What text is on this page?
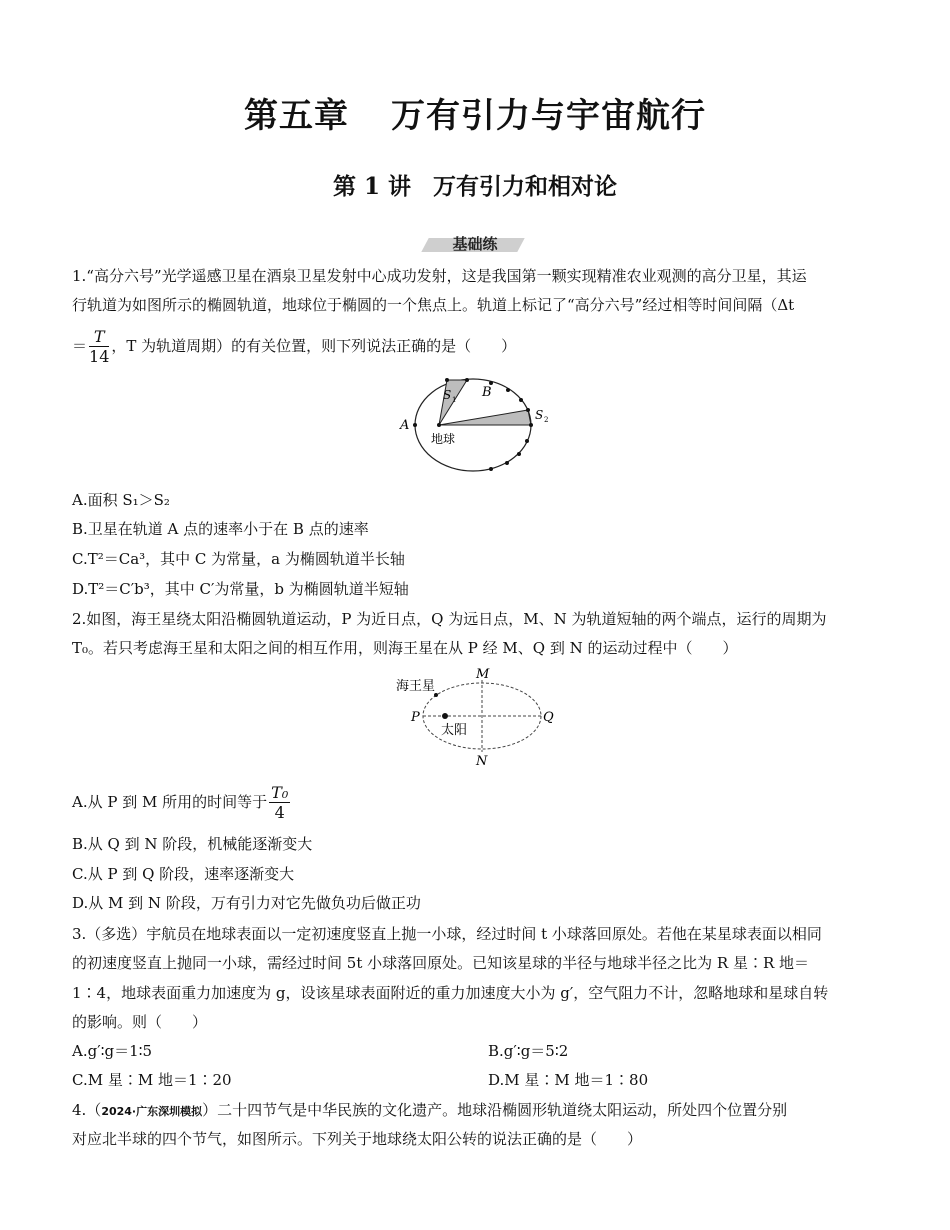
第五章 万有引力与宇宙航行
第 1 讲 万有引力和相对论
基础练
1.“高分六号”光学遥感卫星在酒泉卫星发射中心成功发射，这是我国第一颗实现精准农业观测的高分卫星，其运
行轨道为如图所示的椭圆轨道，地球位于椭圆的一个焦点上。轨道上标记了“高分六号”经过相等时间间隔（Δt
＝ $\frac{T}{14}$ ，T 为轨道周期）的有关位置，则下列说法正确的是（　　）
A
B
S 1
S 2
地球
A.面积 S₁＞S₂
B.卫星在轨道 A 点的速率小于在 B 点的速率
C.T²＝Ca³，其中 C 为常量，a 为椭圆轨道半长轴
D.T²＝C′b³，其中 C′为常量，b 为椭圆轨道半短轴
2.如图，海王星绕太阳沿椭圆轨道运动，P 为近日点，Q 为远日点，M、N 为轨道短轴的两个端点，运行的周期为
T₀。若只考虑海王星和太阳之间的相互作用，则海王星在从 P 经 M、Q 到 N 的运动过程中（　　）
海王星
M
N
P	Q
太阳
A.从 P 到 M 所用的时间等于 $\frac{\text{T₀}}{4}$
B.从 Q 到 N 阶段，机械能逐渐变大
C.从 P 到 Q 阶段，速率逐渐变大
D.从 M 到 N 阶段，万有引力对它先做负功后做正功
3.（多选）宇航员在地球表面以一定初速度竖直上抛一小球，经过时间 t 小球落回原处。若他在某星球表面以相同
的初速度竖直上抛同一小球，需经过时间 5t 小球落回原处。已知该星球的半径与地球半径之比为 R 星∶R 地＝
1∶4，地球表面重力加速度为 g，设该星球表面附近的重力加速度大小为 g′，空气阻力不计，忽略地球和星球自转
的影响。则（　　）
A.g′∶g＝1∶5	B.g′∶g＝5∶2
C.M 星∶M 地＝1∶20	D.M 星∶M 地＝1∶80
4.（2024·广东深圳模拟）二十四节气是中华民族的文化遗产。地球沿椭圆形轨道绕太阳运动，所处四个位置分别
对应北半球的四个节气，如图所示。下列关于地球绕太阳公转的说法正确的是（　　）
